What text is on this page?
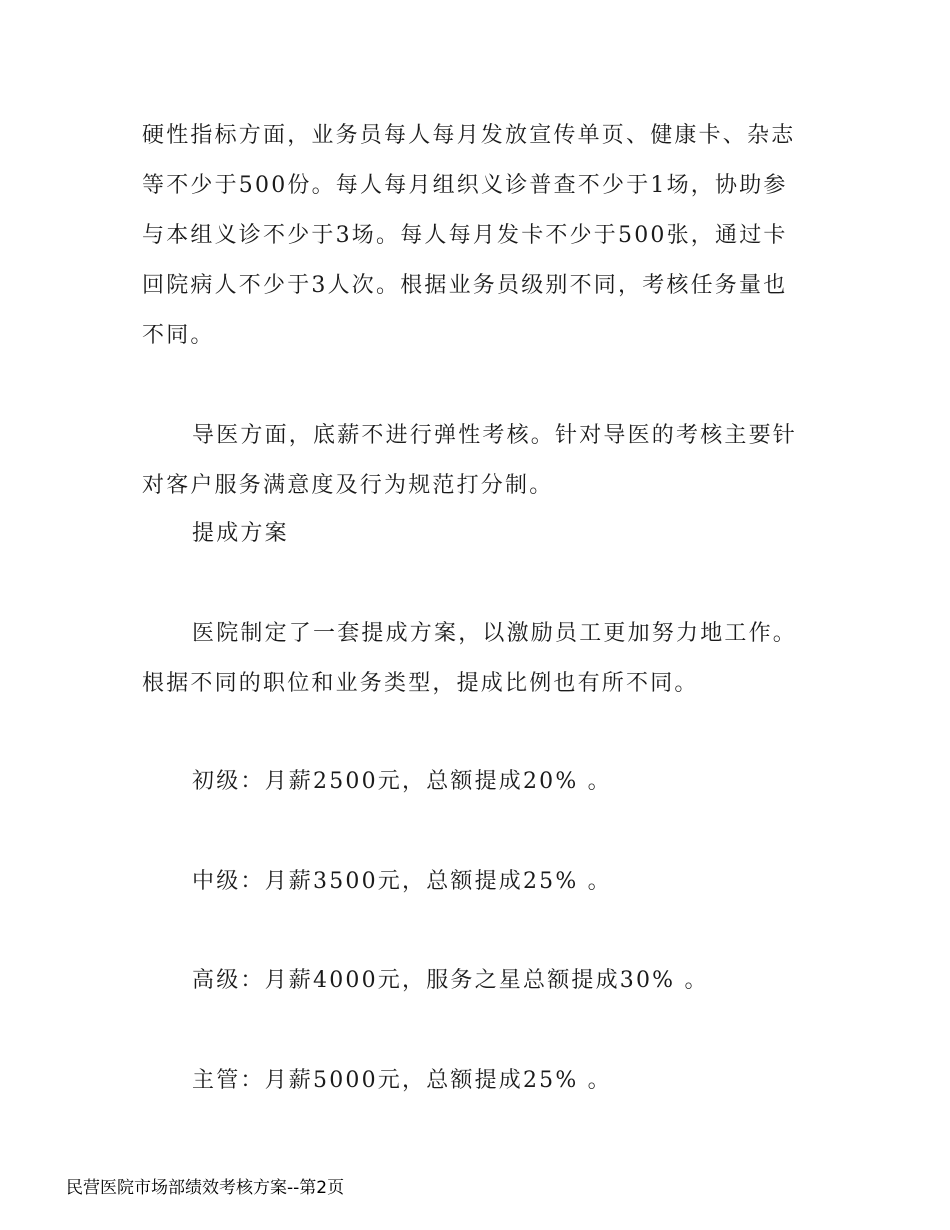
硬性指标方面，业务员每人每月发放宣传单页、健康卡、杂志等不少于500份。每人每月组织义诊普查不少于1场，协助参与本组义诊不少于3场。每人每月发卡不少于500张，通过卡回院病人不少于3人次。根据业务员级别不同，考核任务量也不同。

导医方面，底薪不进行弹性考核。针对导医的考核主要针对客户服务满意度及行为规范打分制。

提成方案

医院制定了一套提成方案，以激励员工更加努力地工作。根据不同的职位和业务类型，提成比例也有所不同。

初级：月薪2500元，总额提成20% 。

中级：月薪3500元，总额提成25% 。

高级：月薪4000元，服务之星总额提成30% 。

主管：月薪5000元，总额提成25% 。

民营医院市场部绩效考核方案--第2页
